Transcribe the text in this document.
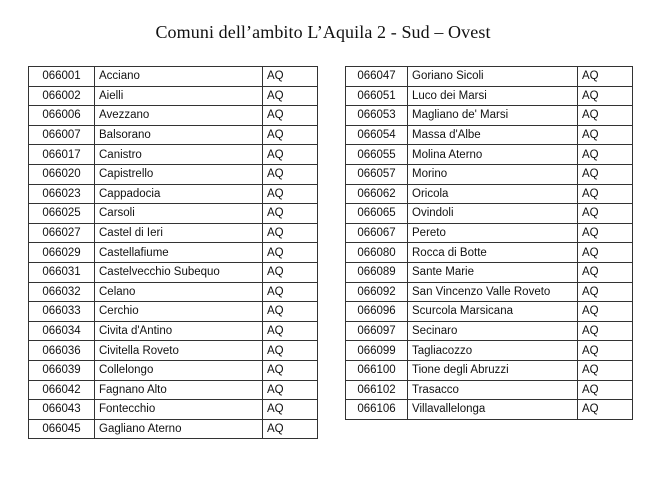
Comuni dell’ambito L’Aquila 2 - Sud – Ovest
066001	Acciano	AQ
066002	Aielli	AQ
066006	Avezzano	AQ
066007	Balsorano	AQ
066017	Canistro	AQ
066020	Capistrello	AQ
066023	Cappadocia	AQ
066025	Carsoli	AQ
066027	Castel di Ieri	AQ
066029	Castellafiume	AQ
066031	Castelvecchio Subequo	AQ
066032	Celano	AQ
066033	Cerchio	AQ
066034	Civita d'Antino	AQ
066036	Civitella Roveto	AQ
066039	Collelongo	AQ
066042	Fagnano Alto	AQ
066043	Fontecchio	AQ
066045	Gagliano Aterno	AQ
066047	Goriano Sicoli	AQ
066051	Luco dei Marsi	AQ
066053	Magliano de' Marsi	AQ
066054	Massa d'Albe	AQ
066055	Molina Aterno	AQ
066057	Morino	AQ
066062	Oricola	AQ
066065	Ovindoli	AQ
066067	Pereto	AQ
066080	Rocca di Botte	AQ
066089	Sante Marie	AQ
066092	San Vincenzo Valle Roveto	AQ
066096	Scurcola Marsicana	AQ
066097	Secinaro	AQ
066099	Tagliacozzo	AQ
066100	Tione degli Abruzzi	AQ
066102	Trasacco	AQ
066106	Villavallelonga	AQ
